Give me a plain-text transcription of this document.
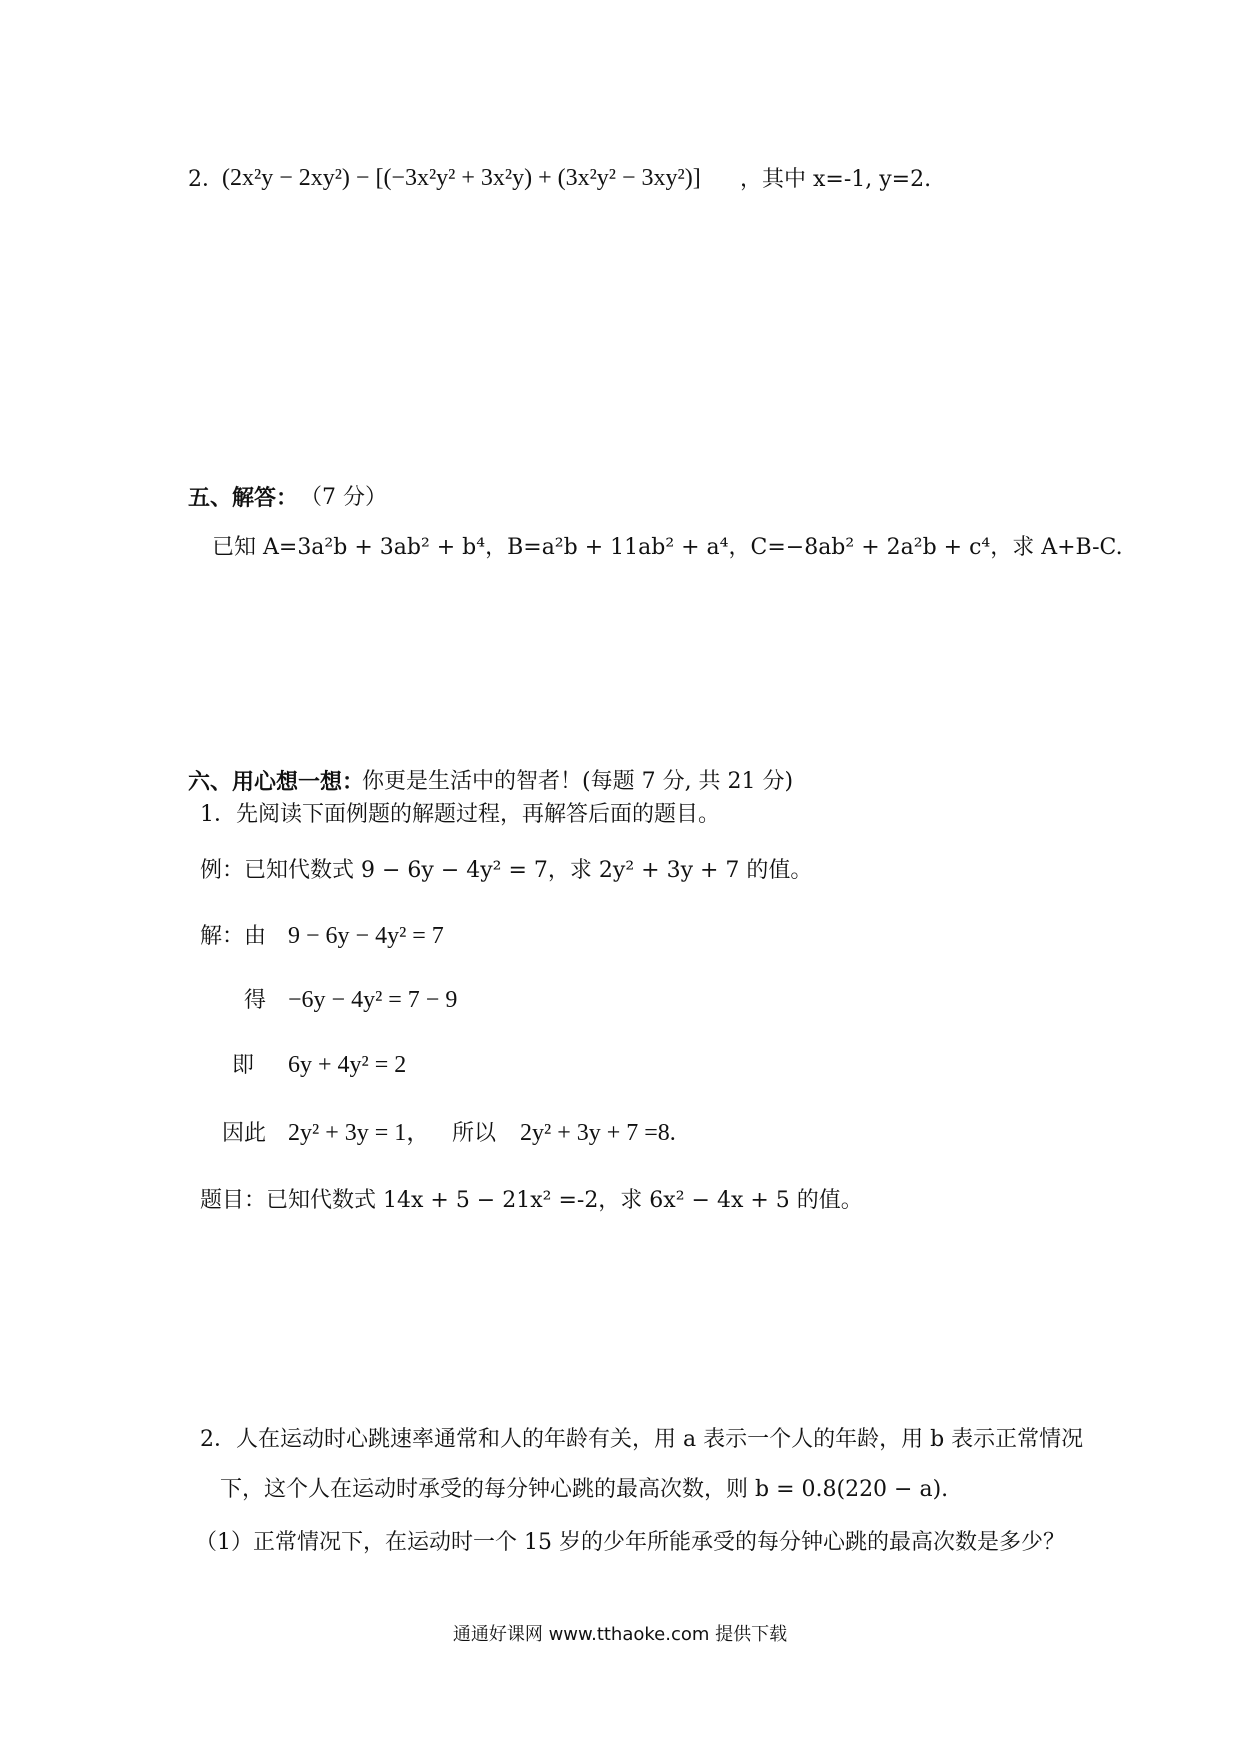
2．
(2x²y − 2xy²) − [(−3x²y² + 3x²y) + (3x²y² − 3xy²)] ，其中 x=-1, y=2.
五、解答： （7 分）
已知 A=3a²b + 3ab² + b⁴，B=a²b + 11ab² + a⁴，C=−8ab² + 2a²b + c⁴，求 A+B-C.
六、用心想一想：
你更是生活中的智者！(每题 7 分, 共 21 分)
1．先阅读下面例题的解题过程，再解答后面的题目。
例：已知代数式 9 − 6y − 4y² = 7，求 2y² + 3y + 7 的值。
解：由 9 − 6y − 4y² = 7
得 −6y − 4y² = 7 − 9
即 6y + 4y² = 2
因此 2y² + 3y = 1， 所以 2y² + 3y + 7 =8.
题目：已知代数式 14x + 5 − 21x² =-2，求 6x² − 4x + 5 的值。
2．人在运动时心跳速率通常和人的年龄有关，用 a 表示一个人的年龄，用 b 表示正常情况
下，这个人在运动时承受的每分钟心跳的最高次数，则 b = 0.8(220 − a).
（1）正常情况下，在运动时一个 15 岁的少年所能承受的每分钟心跳的最高次数是多少？
通通好课网 www.tthaoke.com 提供下载
